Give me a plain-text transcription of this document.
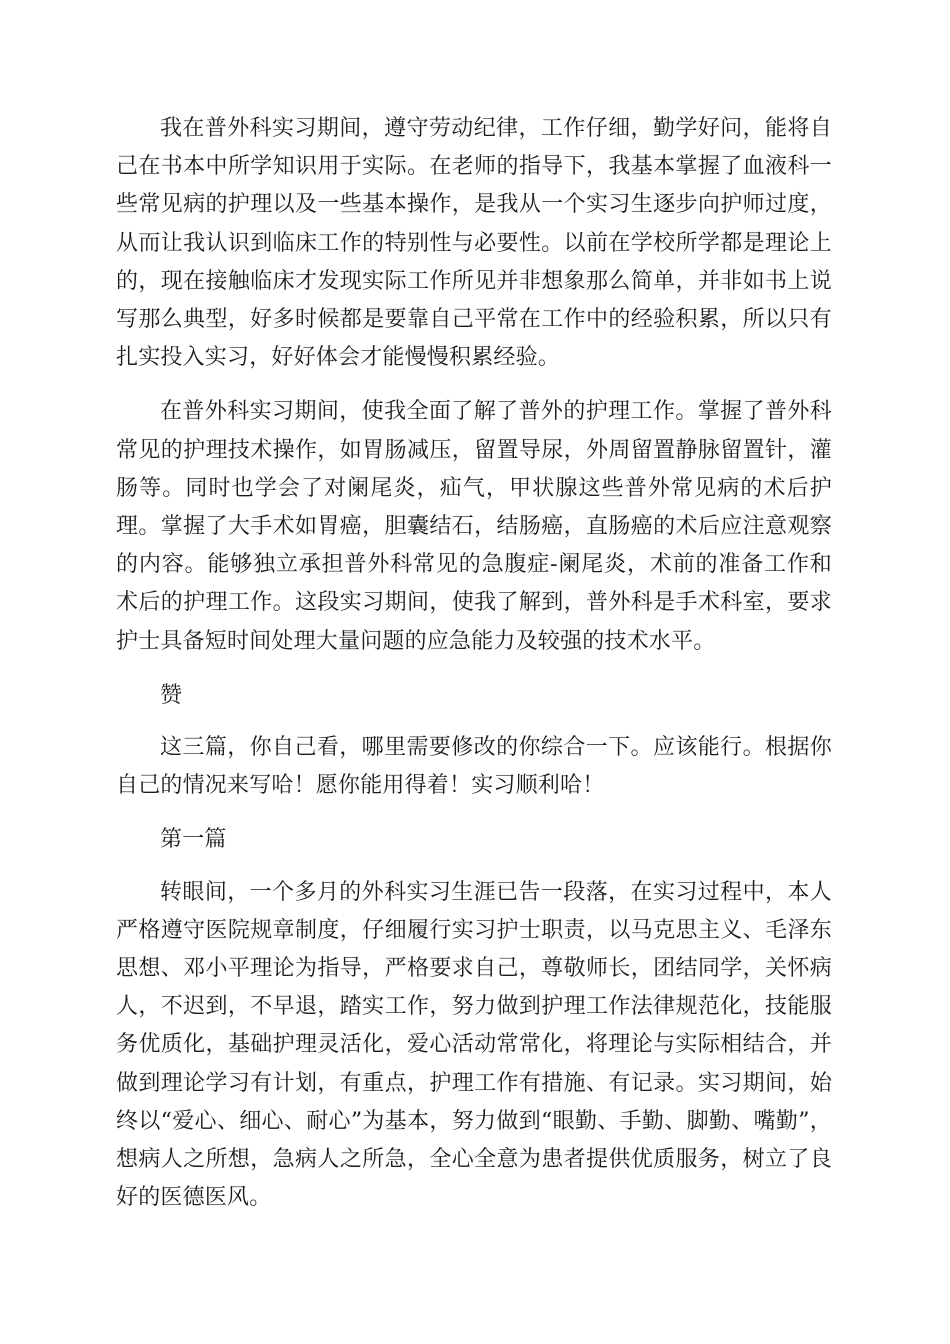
我在普外科实习期间，遵守劳动纪律，工作仔细，勤学好问，能将自己在书本中所学知识用于实际。在老师的指导下，我基本掌握了血液科一些常见病的护理以及一些基本操作，是我从一个实习生逐步向护师过度，从而让我认识到临床工作的特别性与必要性。以前在学校所学都是理论上的，现在接触临床才发现实际工作所见并非想象那么简单，并非如书上说写那么典型，好多时候都是要靠自己平常在工作中的经验积累，所以只有扎实投入实习，好好体会才能慢慢积累经验。

在普外科实习期间，使我全面了解了普外的护理工作。掌握了普外科常见的护理技术操作，如胃肠减压，留置导尿，外周留置静脉留置针，灌肠等。同时也学会了对阑尾炎，疝气，甲状腺这些普外常见病的术后护理。掌握了大手术如胃癌，胆囊结石，结肠癌，直肠癌的术后应注意观察的内容。能够独立承担普外科常见的急腹症-阑尾炎，术前的准备工作和术后的护理工作。这段实习期间，使我了解到，普外科是手术科室，要求护士具备短时间处理大量问题的应急能力及较强的技术水平。

赞

这三篇，你自己看，哪里需要修改的你综合一下。应该能行。根据你自己的情况来写哈！愿你能用得着！实习顺利哈！

第一篇

转眼间，一个多月的外科实习生涯已告一段落，在实习过程中，本人严格遵守医院规章制度，仔细履行实习护士职责，以马克思主义、毛泽东思想、邓小平理论为指导，严格要求自己，尊敬师长，团结同学，关怀病人，不迟到，不早退，踏实工作，努力做到护理工作法律规范化，技能服务优质化，基础护理灵活化，爱心活动常常化，将理论与实际相结合，并做到理论学习有计划，有重点，护理工作有措施、有记录。实习期间，始终以“爱心、细心、耐心”为基本，努力做到“眼勤、手勤、脚勤、嘴勤”，想病人之所想，急病人之所急，全心全意为患者提供优质服务，树立了良好的医德医风。
